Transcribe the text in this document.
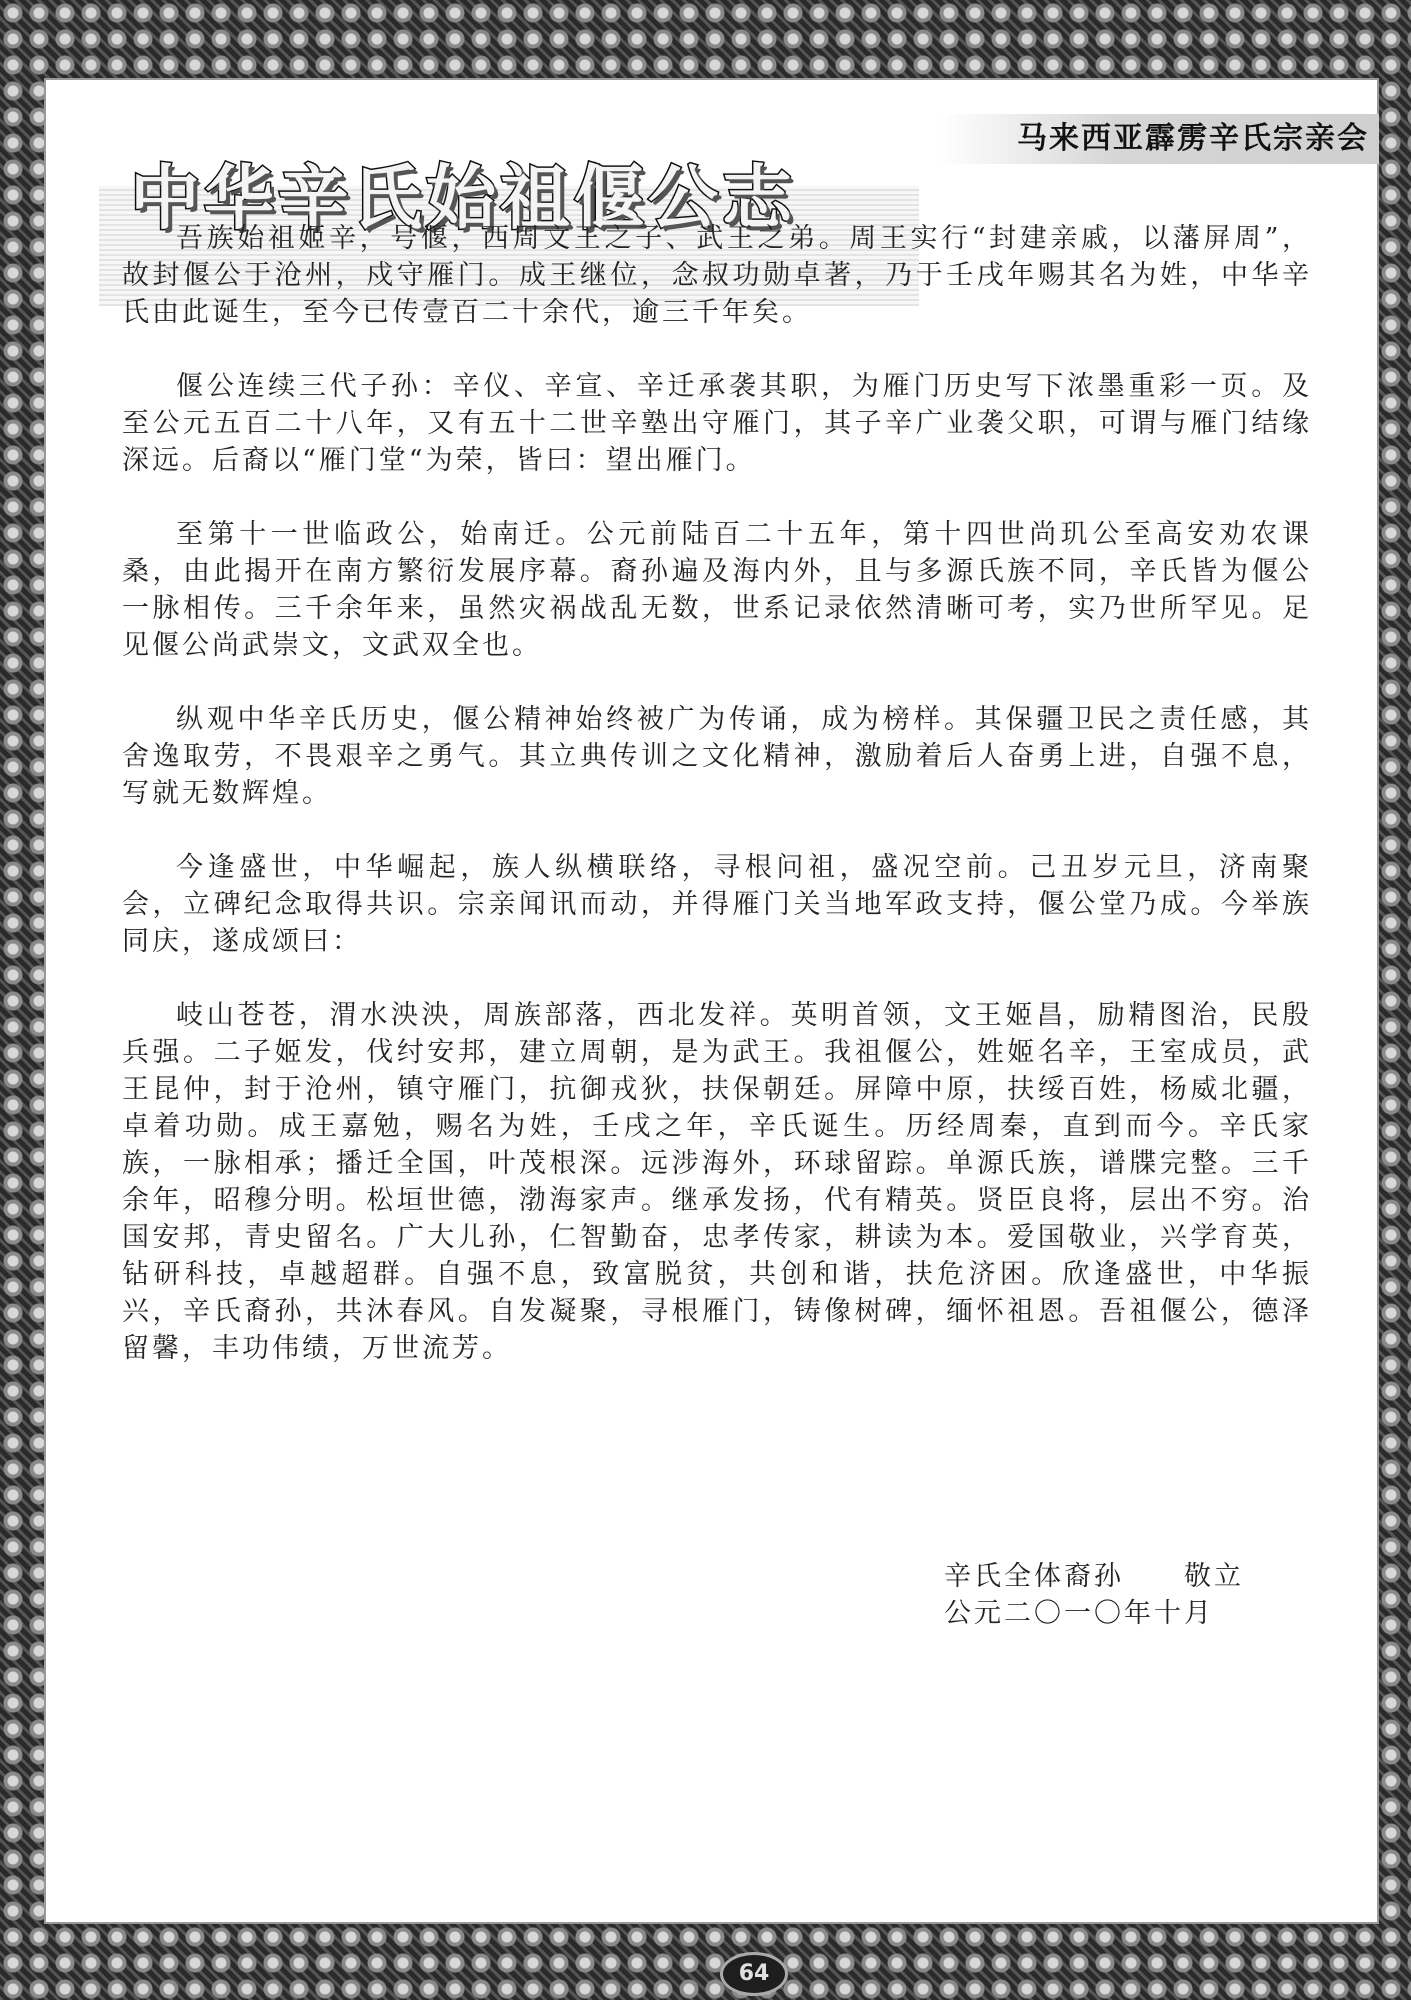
马来西亚霹雳辛氏宗亲会
中华辛氏始祖偃公志

吾族始祖姬辛，号偃，西周文王之子、武王之弟。周王实行“封建亲戚，以藩屏周”，故封偃公于沧州，戍守雁门。成王继位，念叔功勋卓著，乃于壬戌年赐其名为姓，中华辛氏由此诞生，至今已传壹百二十余代，逾三千年矣。

偃公连续三代子孙：辛仪、辛宣、辛迁承袭其职，为雁门历史写下浓墨重彩一页。及至公元五百二十八年，又有五十二世辛塾出守雁门，其子辛广业袭父职，可谓与雁门结缘深远。后裔以“雁门堂“为荣，皆曰：望出雁门。

至第十一世临政公，始南迁。公元前陆百二十五年，第十四世尚玑公至高安劝农课桑，由此揭开在南方繁衍发展序幕。裔孙遍及海内外，且与多源氏族不同，辛氏皆为偃公一脉相传。三千余年来，虽然灾祸战乱无数，世系记录依然清晰可考，实乃世所罕见。足见偃公尚武崇文，文武双全也。

纵观中华辛氏历史，偃公精神始终被广为传诵，成为榜样。其保疆卫民之责任感，其舍逸取劳，不畏艰辛之勇气。其立典传训之文化精神，激励着后人奋勇上进，自强不息，写就无数辉煌。

今逢盛世，中华崛起，族人纵横联络，寻根问祖，盛况空前。己丑岁元旦，济南聚会，立碑纪念取得共识。宗亲闻讯而动，并得雁门关当地军政支持，偃公堂乃成。今举族同庆，遂成颂曰：

岐山苍苍，渭水泱泱，周族部落，西北发祥。英明首领，文王姬昌，励精图治，民殷兵强。二子姬发，伐纣安邦，建立周朝，是为武王。我祖偃公，姓姬名辛，王室成员，武王昆仲，封于沧州，镇守雁门，抗御戎狄，扶保朝廷。屏障中原，扶绥百姓，杨威北疆，卓着功勋。成王嘉勉，赐名为姓，壬戌之年，辛氏诞生。历经周秦，直到而今。辛氏家族，一脉相承；播迁全国，叶茂根深。远涉海外，环球留踪。单源氏族，谱牒完整。三千余年，昭穆分明。松垣世德，渤海家声。继承发扬，代有精英。贤臣良将，层出不穷。治国安邦，青史留名。广大儿孙，仁智勤奋，忠孝传家，耕读为本。爱国敬业，兴学育英，钻研科技，卓越超群。自强不息，致富脱贫，共创和谐，扶危济困。欣逢盛世，中华振兴，辛氏裔孙，共沐春风。自发凝聚，寻根雁门，铸像树碑，缅怀祖恩。吾祖偃公，德泽留馨，丰功伟绩，万世流芳。

辛氏全体裔孙　　敬立
公元二〇一〇年十月
64
